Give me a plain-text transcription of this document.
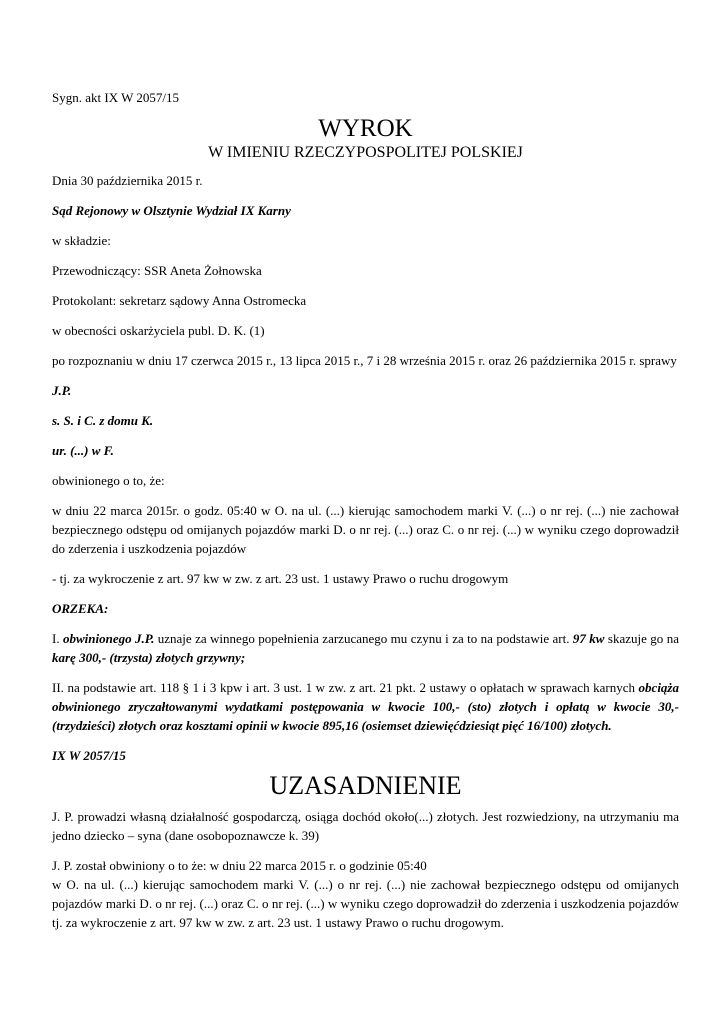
Sygn. akt IX W 2057/15

WYROK
W IMIENIU RZECZYPOSPOLITEJ POLSKIEJ

Dnia 30 października 2015 r.

Sąd Rejonowy w Olsztynie Wydział IX Karny

w składzie:

Przewodniczący: SSR Aneta Żołnowska

Protokolant: sekretarz sądowy Anna Ostromecka

w obecności oskarżyciela publ. D. K. (1)

po rozpoznaniu w dniu 17 czerwca 2015 r., 13 lipca 2015 r., 7 i 28 września 2015 r. oraz 26 października 2015 r. sprawy

J.P.

s. S. i C. z domu K.

ur. (...) w F.

obwinionego o to, że:

w dniu 22 marca 2015r. o godz. 05:40 w O. na ul. (...) kierując samochodem marki V. (...) o nr rej. (...) nie zachował bezpiecznego odstępu od omijanych pojazdów marki D. o nr rej. (...) oraz C. o nr rej. (...) w wyniku czego doprowadził do zderzenia i uszkodzenia pojazdów

- tj. za wykroczenie z art. 97 kw w zw. z art. 23 ust. 1 ustawy Prawo o ruchu drogowym

ORZEKA:

I. obwinionego J.P. uznaje za winnego popełnienia zarzucanego mu czynu i za to na podstawie art. 97 kw skazuje go na karę 300,- (trzysta) złotych grzywny;

II. na podstawie art. 118 § 1 i 3 kpw i art. 3 ust. 1 w zw. z art. 21 pkt. 2 ustawy o opłatach w sprawach karnych obciąża obwinionego zryczałtowanymi wydatkami postępowania w kwocie 100,- (sto) złotych i opłatą w kwocie 30,- (trzydzieści) złotych oraz kosztami opinii w kwocie 895,16 (osiemset dziewięćdziesiąt pięć 16/100) złotych.

IX W 2057/15

UZASADNIENIE

J. P. prowadzi własną działalność gospodarczą, osiąga dochód około(...) złotych. Jest rozwiedziony, na utrzymaniu ma jedno dziecko – syna (dane osobopoznawcze k. 39)

J. P. został obwiniony o to że: w dniu 22 marca 2015 r. o godzinie 05:40

w O. na ul. (...) kierując samochodem marki V. (...) o nr rej. (...) nie zachował bezpiecznego odstępu od omijanych pojazdów marki D. o nr rej. (...) oraz C. o nr rej. (...) w wyniku czego doprowadził do zderzenia i uszkodzenia pojazdów tj. za wykroczenie z art. 97 kw w zw. z art. 23 ust. 1 ustawy Prawo o ruchu drogowym.
